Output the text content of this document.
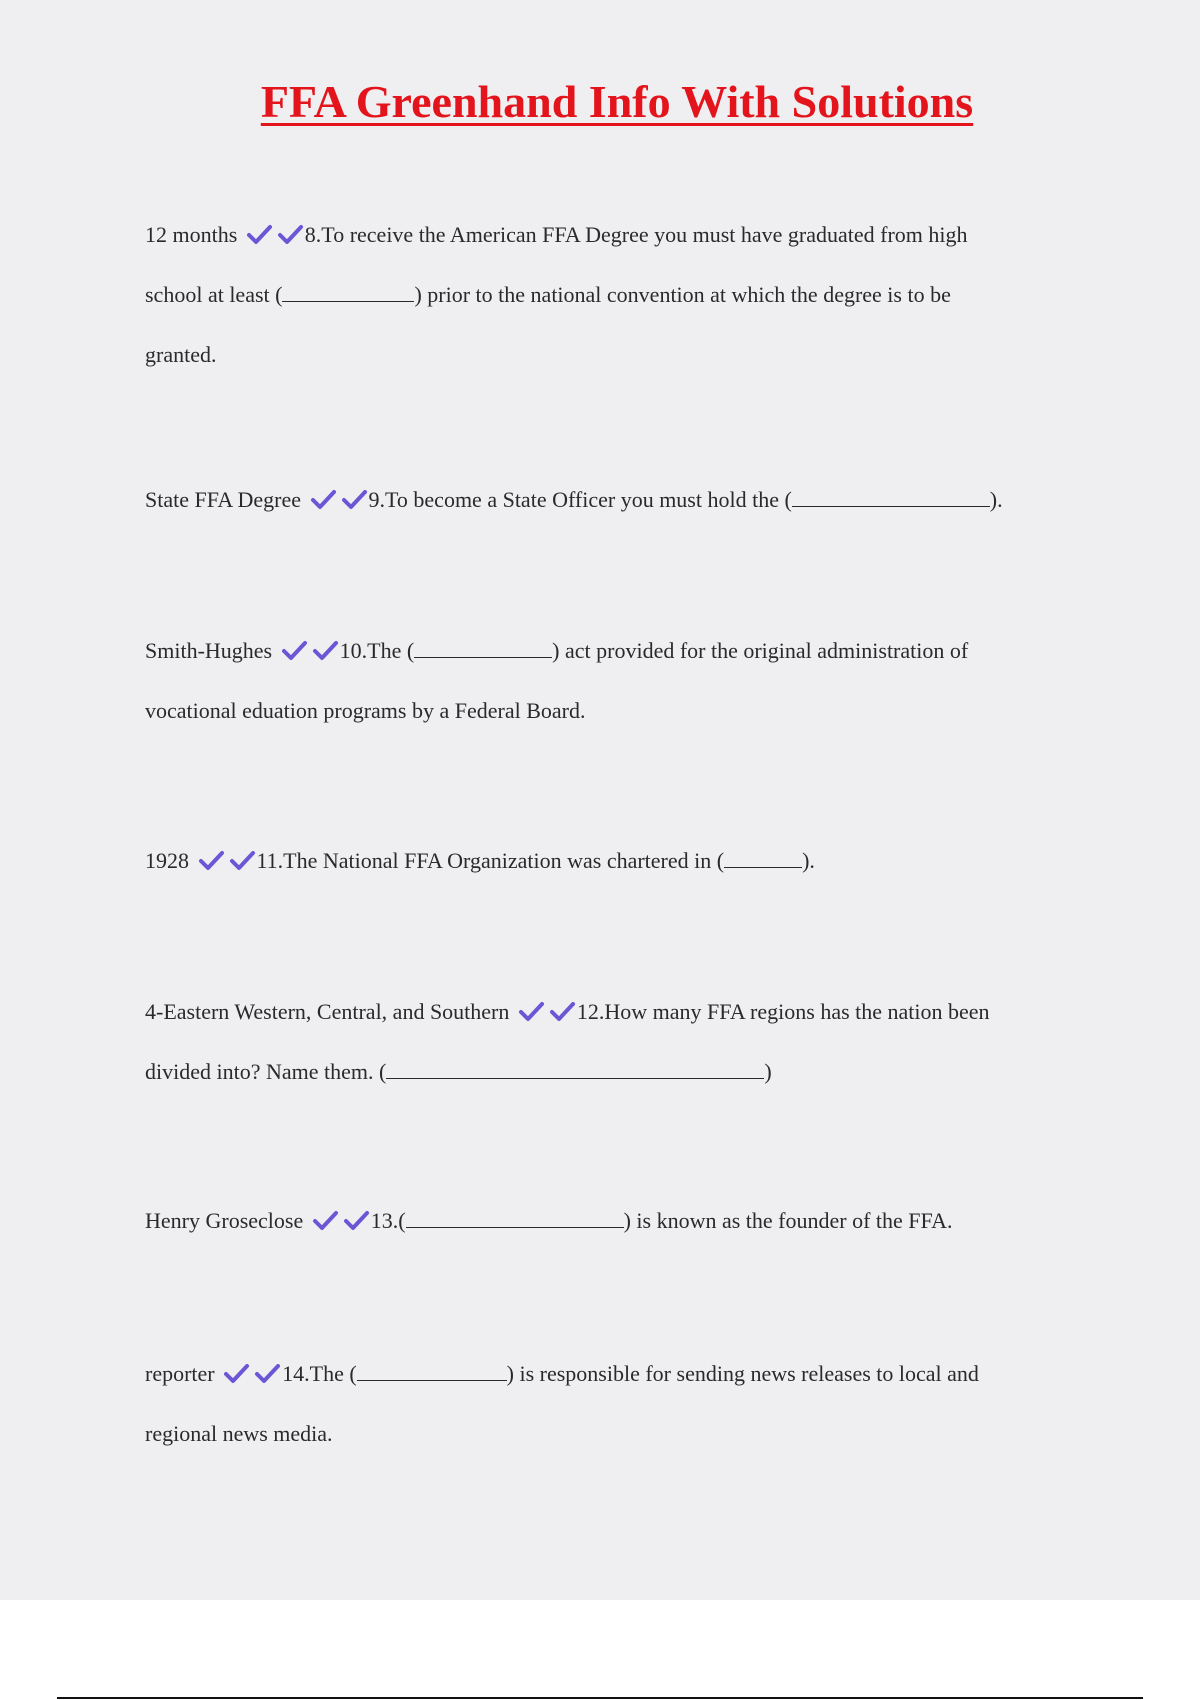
FFA Greenhand Info With Solutions

12 months	8.To receive the American FFA Degree you must have graduated from high

school at least (	) prior to the national convention at which the degree is to be

granted.

State FFA Degree	9.To become a State Officer you must hold the (	).

Smith-Hughes	10.The (	) act provided for the original administration of

vocational eduation programs by a Federal Board.

1928	11.The National FFA Organization was chartered in (	).

4-Eastern Western, Central, and Southern	12.How many FFA regions has the nation been

divided into? Name them. (	)

Henry Groseclose	13.(	) is known as the founder of the FFA.

reporter	14.The (	) is responsible for sending news releases to local and

regional news media.
